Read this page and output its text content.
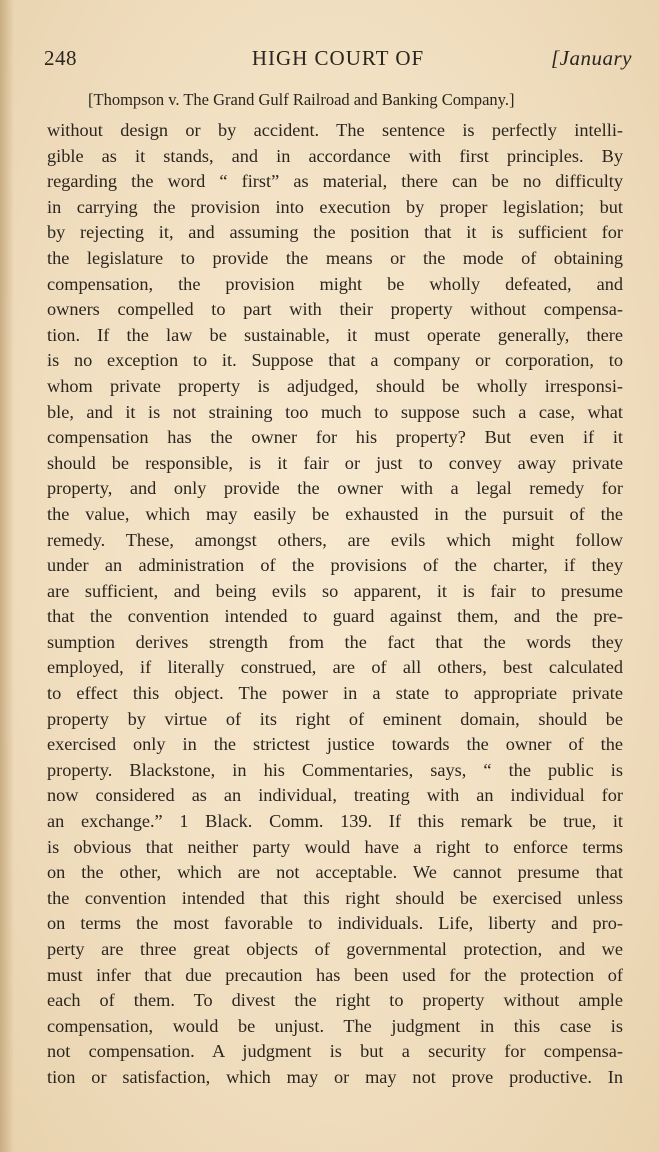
248	HIGH COURT OF	[January
[Thompson v. The Grand Gulf Railroad and Banking Company.]
without design or by accident. The sentence is perfectly intelli-
gible as it stands, and in accordance with first principles. By
regarding the word “ first” as material, there can be no difficulty
in carrying the provision into execution by proper legislation; but
by rejecting it, and assuming the position that it is sufficient for
the legislature to provide the means or the mode of obtaining
compensation, the provision might be wholly defeated, and
owners compelled to part with their property without compensa-
tion. If the law be sustainable, it must operate generally, there
is no exception to it. Suppose that a company or corporation, to
whom private property is adjudged, should be wholly irresponsi-
ble, and it is not straining too much to suppose such a case, what
compensation has the owner for his property? But even if it
should be responsible, is it fair or just to convey away private
property, and only provide the owner with a legal remedy for
the value, which may easily be exhausted in the pursuit of the
remedy. These, amongst others, are evils which might follow
under an administration of the provisions of the charter, if they
are sufficient, and being evils so apparent, it is fair to presume
that the convention intended to guard against them, and the pre-
sumption derives strength from the fact that the words they
employed, if literally construed, are of all others, best calculated
to effect this object. The power in a state to appropriate private
property by virtue of its right of eminent domain, should be
exercised only in the strictest justice towards the owner of the
property. Blackstone, in his Commentaries, says, “ the public is
now considered as an individual, treating with an individual for
an exchange.” 1 Black. Comm. 139. If this remark be true, it
is obvious that neither party would have a right to enforce terms
on the other, which are not acceptable. We cannot presume that
the convention intended that this right should be exercised unless
on terms the most favorable to individuals. Life, liberty and pro-
perty are three great objects of governmental protection, and we
must infer that due precaution has been used for the protection of
each of them. To divest the right to property without ample
compensation, would be unjust. The judgment in this case is
not compensation. A judgment is but a security for compensa-
tion or satisfaction, which may or may not prove productive. In
